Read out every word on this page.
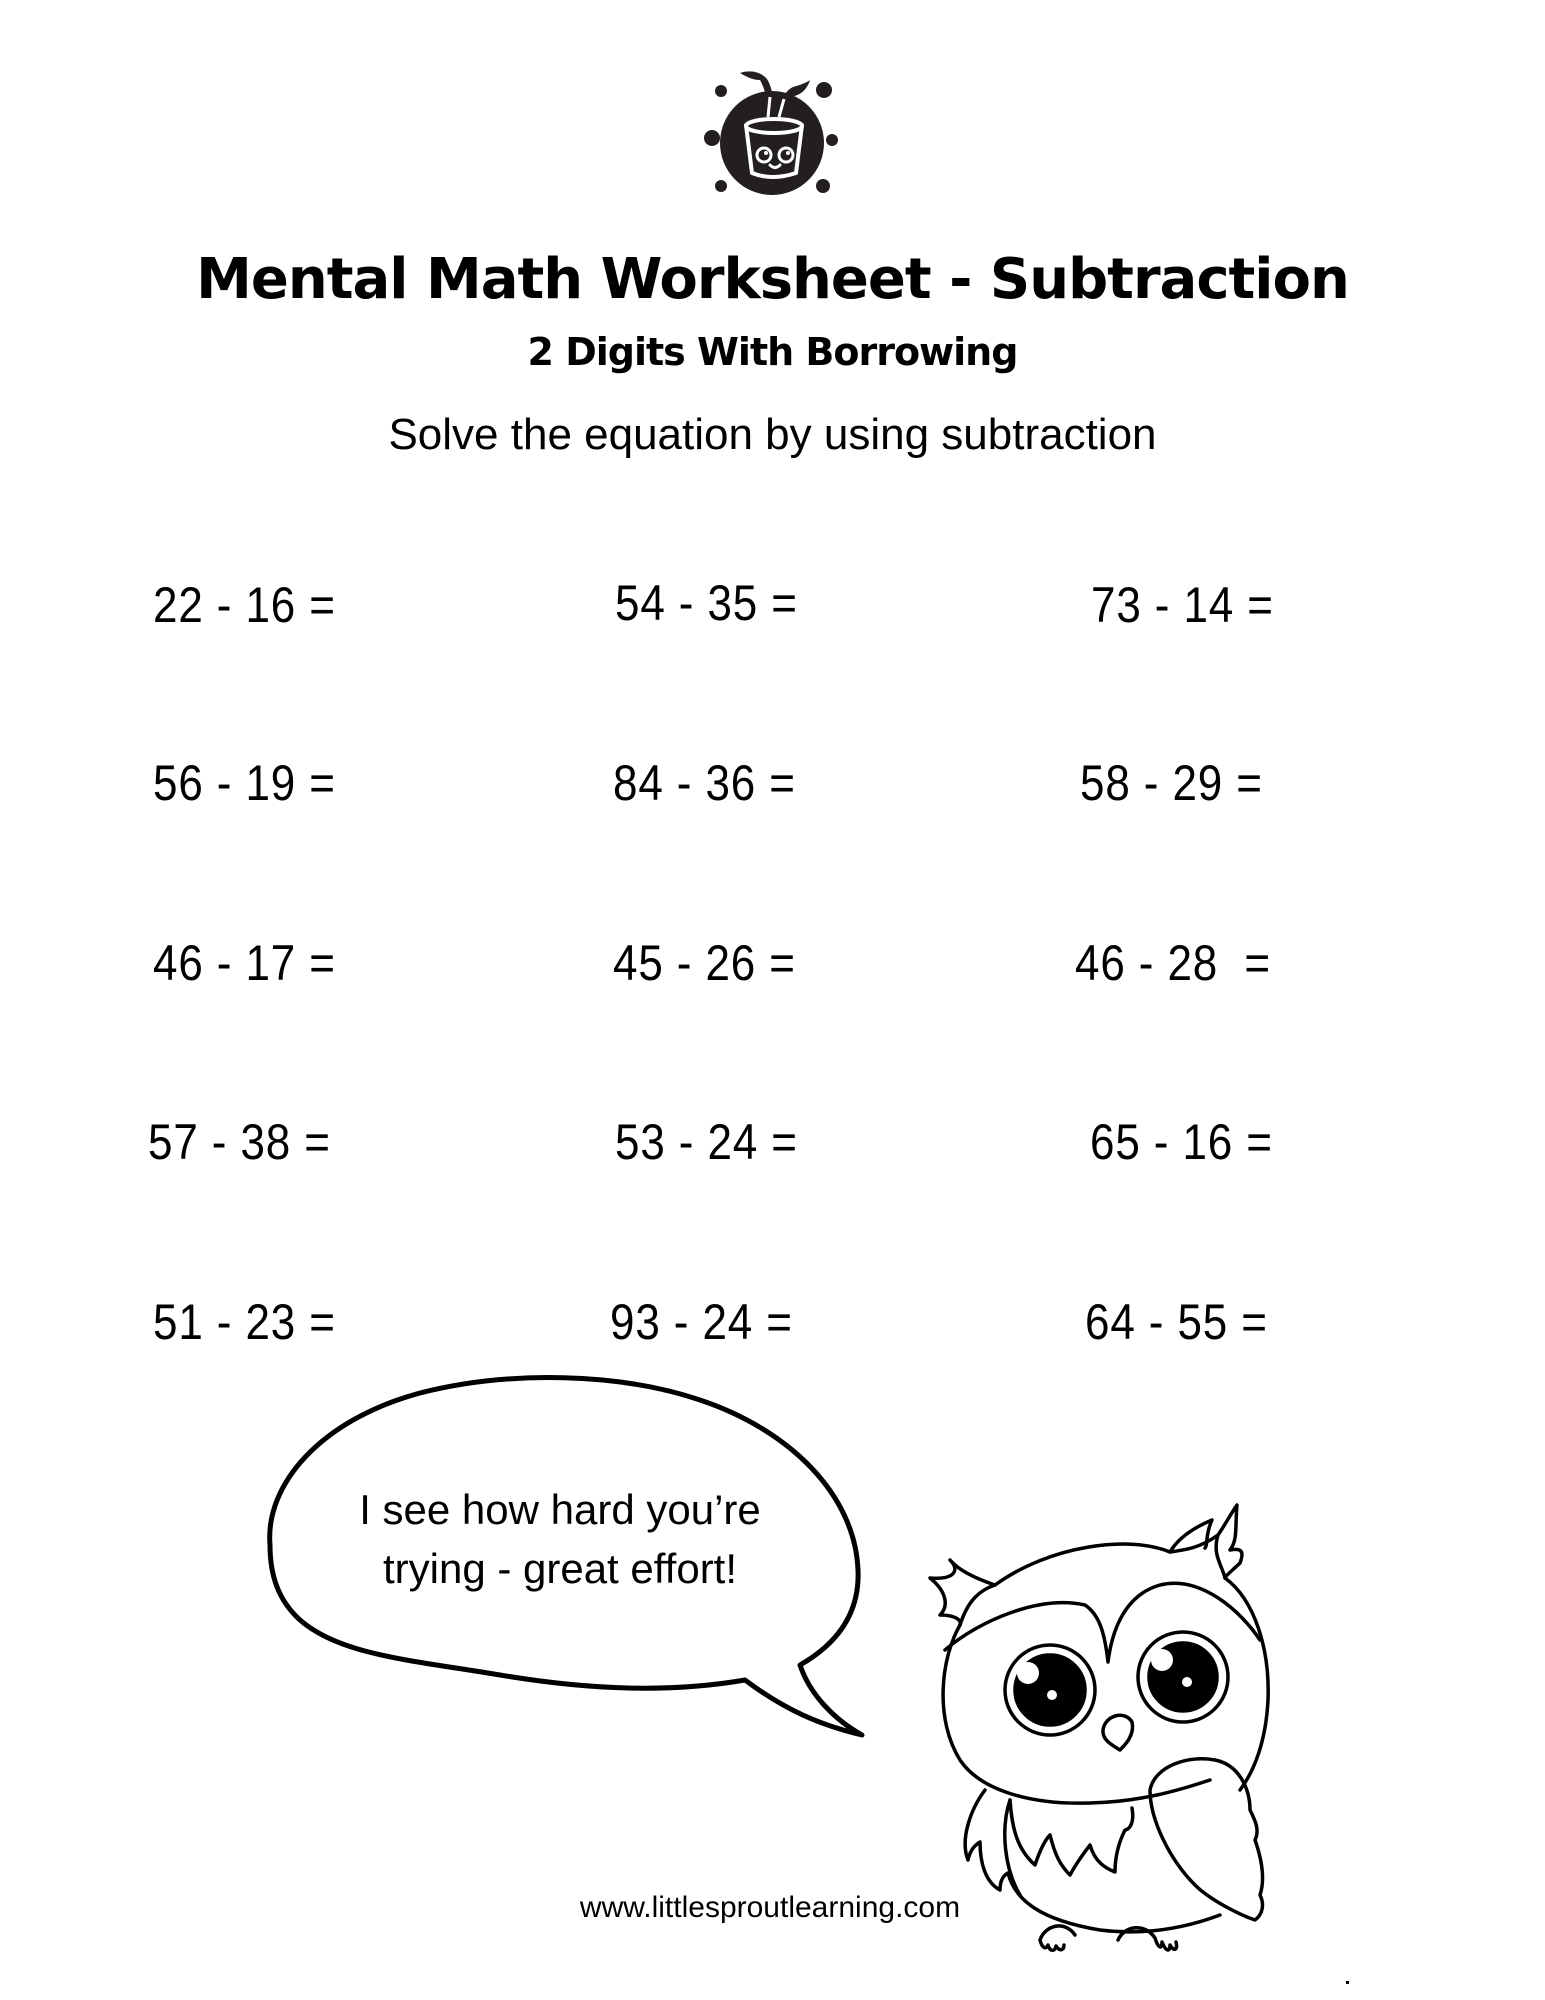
Mental Math Worksheet - Subtraction
2 Digits With Borrowing
Solve the equation by using subtraction
22 - 16 =	54 - 35 =	73 - 14 =
56 - 19 =	84 - 36 =	58 - 29 =
46 - 17 =	45 - 26 =	46 - 28  =
57 - 38 =	53 - 24 =	65 - 16 =
51 - 23 =	93 - 24 =	64 - 55 =
I see how hard you’re
trying - great effort!
www.littlesproutlearning.com
